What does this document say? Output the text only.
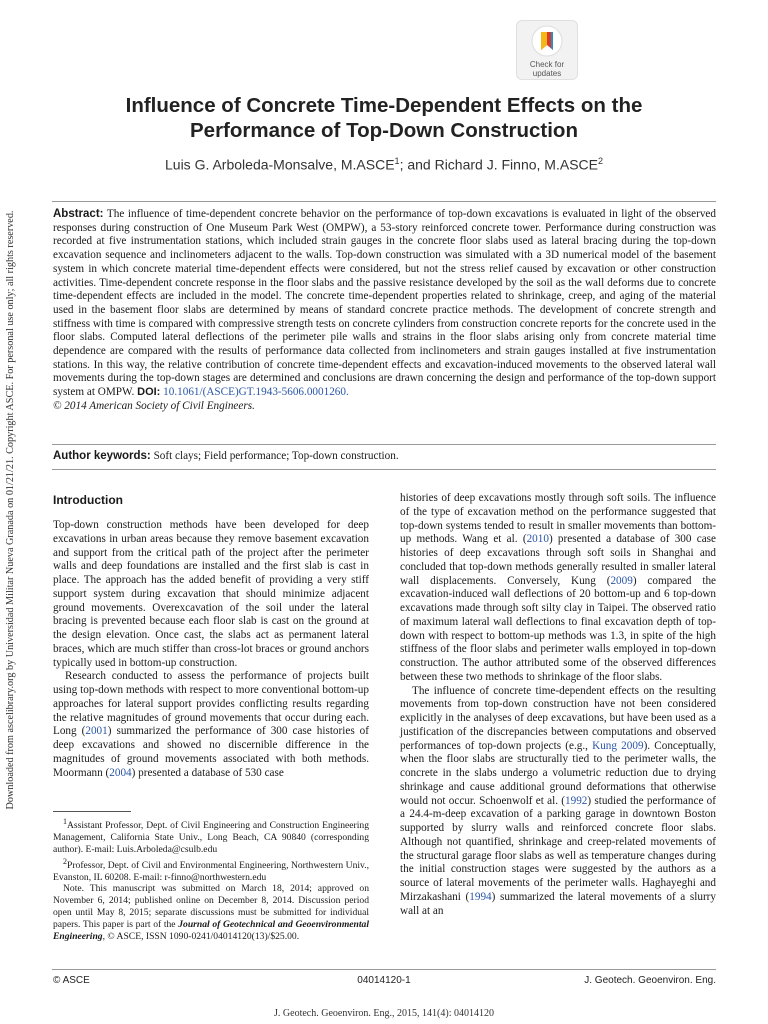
Downloaded from ascelibrary.org by Universidad Militar Nueva Granada on 01/21/21. Copyright ASCE. For personal use only; all rights reserved.
Check for
updates
Influence of Concrete Time-Dependent Effects on the
Performance of Top-Down Construction
Luis G. Arboleda-Monsalve, M.ASCE$^1$; and Richard J. Finno, M.ASCE$^2$
Abstract: The influence of time-dependent concrete behavior on the performance of top-down excavations is evaluated in light of the observed responses during construction of One Museum Park West (OMPW), a 53-story reinforced concrete tower. Performance during construction was recorded at five instrumentation stations, which included strain gauges in the concrete floor slabs used as lateral bracing during the top-down excavation sequence and inclinometers adjacent to the walls. Top-down construction was simulated with a 3D numerical model of the basement system in which concrete material time-dependent effects were considered, but not the stress relief caused by excavation or other construction activities. Time-dependent concrete response in the floor slabs and the passive resistance developed by the soil as the wall deforms due to concrete time-dependent effects are included in the model. The concrete time-dependent properties related to shrinkage, creep, and aging of the material used in the basement floor slabs are determined by means of standard concrete practice methods. The development of concrete strength and stiffness with time is compared with compressive strength tests on concrete cylinders from construction concrete reports for the concrete used in the floor slabs. Computed lateral deflections of the perimeter pile walls and strains in the floor slabs arising only from concrete material time dependence are compared with the results of performance data collected from inclinometers and strain gauges installed at five instrumentation stations. In this way, the relative contribution of concrete time-dependent effects and excavation-induced movements to the observed lateral wall movements during the top-down stages are determined and conclusions are drawn concerning the design and performance of the top-down support system at OMPW. DOI: 10.1061/(ASCE)GT.1943-5606.0001260.
© 2014 American Society of Civil Engineers.
Author keywords: Soft clays; Field performance; Top-down construction.
Introduction

Top-down construction methods have been developed for deep excavations in urban areas because they remove basement excavation and support from the critical path of the project after the perimeter walls and deep foundations are installed and the first slab is cast in place. The approach has the added benefit of providing a very stiff support system during excavation that should minimize adjacent ground movements. Overexcavation of the soil under the lateral bracing is prevented because each floor slab is cast on the ground at the design elevation. Once cast, the slabs act as permanent lateral braces, which are much stiffer than cross-lot braces or ground anchors typically used in bottom-up construction.

Research conducted to assess the performance of projects built using top-down methods with respect to more conventional bottom-up approaches for lateral support provides conflicting results regarding the relative magnitudes of ground movements that occur during each. Long (2001) summarized the performance of 300 case histories of deep excavations and showed no discernible difference in the magnitudes of ground movements associated with both methods. Moormann (2004) presented a database of 530 case

$^1$Assistant Professor, Dept. of Civil Engineering and Construction Engineering Management, California State Univ., Long Beach, CA 90840 (corresponding author). E-mail: Luis.Arboleda@csulb.edu

$^2$Professor, Dept. of Civil and Environmental Engineering, Northwestern Univ., Evanston, IL 60208. E-mail: r-finno@northwestern.edu

Note. This manuscript was submitted on March 18, 2014; approved on November 6, 2014; published online on December 8, 2014. Discussion period open until May 8, 2015; separate discussions must be submitted for individual papers. This paper is part of the Journal of Geotechnical and Geoenvironmental Engineering, © ASCE, ISSN 1090-0241/04014120(13)/$25.00.

histories of deep excavations mostly through soft soils. The influence of the type of excavation method on the performance suggested that top-down systems tended to result in smaller movements than bottom-up methods. Wang et al. (2010) presented a database of 300 case histories of deep excavations through soft soils in Shanghai and concluded that top-down methods generally resulted in smaller lateral wall displacements. Conversely, Kung (2009) compared the excavation-induced wall deflections of 20 bottom-up and 6 top-down excavations made through soft silty clay in Taipei. The observed ratio of maximum lateral wall deflections to final excavation depth of top-down with respect to bottom-up methods was 1.3, in spite of the high stiffness of the floor slabs and perimeter walls employed in top-down construction. The author attributed some of the observed differences between these two methods to shrinkage of the floor slabs.

The influence of concrete time-dependent effects on the resulting movements from top-down construction have not been considered explicitly in the analyses of deep excavations, but have been used as a justification of the discrepancies between computations and observed performances of top-down projects (e.g., Kung 2009). Conceptually, when the floor slabs are structurally tied to the perimeter walls, the concrete in the slabs undergo a volumetric reduction due to drying shrinkage and cause additional ground deformations that otherwise would not occur. Schoenwolf et al. (1992) studied the performance of a 24.4-m-deep excavation of a parking garage in downtown Boston supported by slurry walls and reinforced concrete floor slabs. Although not quantified, shrinkage and creep-related movements of the structural garage floor slabs as well as temperature changes during the initial construction stages were suggested by the authors as a source of lateral movements of the perimeter walls. Haghayeghi and Mirzakashani (1994) summarized the lateral movements of a slurry wall at an

© ASCE	04014120-1	J. Geotech. Geoenviron. Eng.
J. Geotech. Geoenviron. Eng., 2015, 141(4): 04014120
